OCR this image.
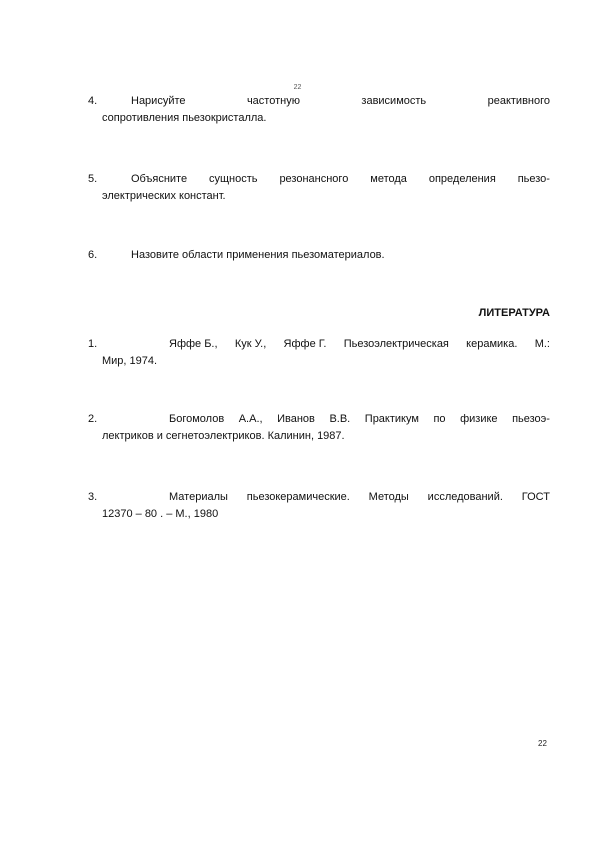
22
4.	Нарисуйте	частотную	зависимость	реактивного
сопротивления пьезокристалла.
5.	Объясните сущность резонансного метода определения пьезо-
электрических констант.
6.	Назовите области применения пьезоматериалов.
ЛИТЕРАТУРА
1.	Яффе Б., Кук У., Яффе Г. Пьезоэлектрическая керамика. М.:
Мир, 1974.
2.	Богомолов А.А., Иванов В.В. Практикум по физике пьезоэ-
лектриков и сегнетоэлектриков. Калинин, 1987.
3.	Материалы пьезокерамические. Методы исследований. ГОСТ
12370 – 80 . – М., 1980
22
